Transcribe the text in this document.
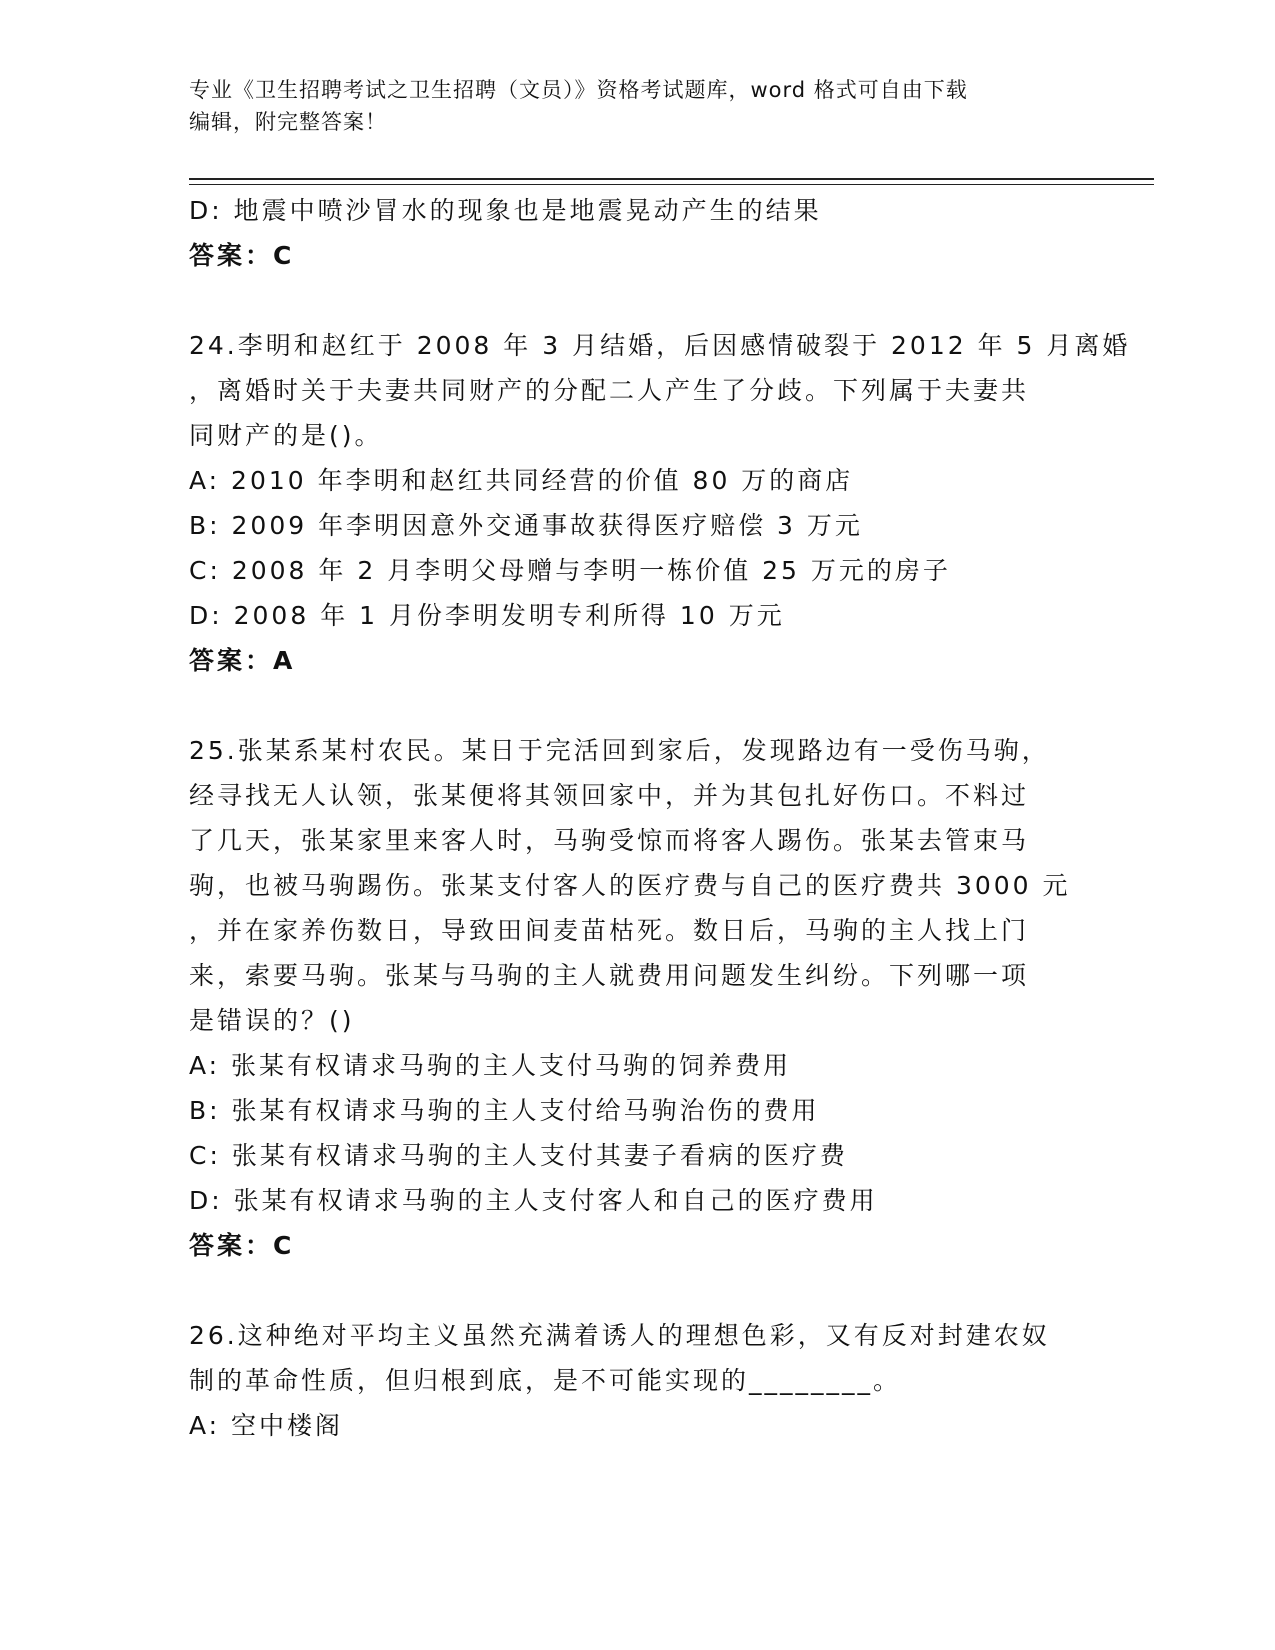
专业《卫生招聘考试之卫生招聘（文员）》资格考试题库，word 格式可自由下载
编辑，附完整答案！
D: 地震中喷沙冒水的现象也是地震晃动产生的结果
答案：C
24.李明和赵红于 2008 年 3 月结婚，后因感情破裂于 2012 年 5 月离婚
，离婚时关于夫妻共同财产的分配二人产生了分歧。下列属于夫妻共
同财产的是()。
A: 2010 年李明和赵红共同经营的价值 80 万的商店
B: 2009 年李明因意外交通事故获得医疗赔偿 3 万元
C: 2008 年 2 月李明父母赠与李明一栋价值 25 万元的房子
D: 2008 年 1 月份李明发明专利所得 10 万元
答案：A
25.张某系某村农民。某日于完活回到家后，发现路边有一受伤马驹，
经寻找无人认领，张某便将其领回家中，并为其包扎好伤口。不料过
了几天，张某家里来客人时，马驹受惊而将客人踢伤。张某去管束马
驹，也被马驹踢伤。张某支付客人的医疗费与自己的医疗费共 3000 元
，并在家养伤数日，导致田间麦苗枯死。数日后，马驹的主人找上门
来，索要马驹。张某与马驹的主人就费用问题发生纠纷。下列哪一项
是错误的？()
A: 张某有权请求马驹的主人支付马驹的饲养费用
B: 张某有权请求马驹的主人支付给马驹治伤的费用
C: 张某有权请求马驹的主人支付其妻子看病的医疗费
D: 张某有权请求马驹的主人支付客人和自己的医疗费用
答案：C
26.这种绝对平均主义虽然充满着诱人的理想色彩，又有反对封建农奴
制的革命性质，但归根到底，是不可能实现的________。
A: 空中楼阁
